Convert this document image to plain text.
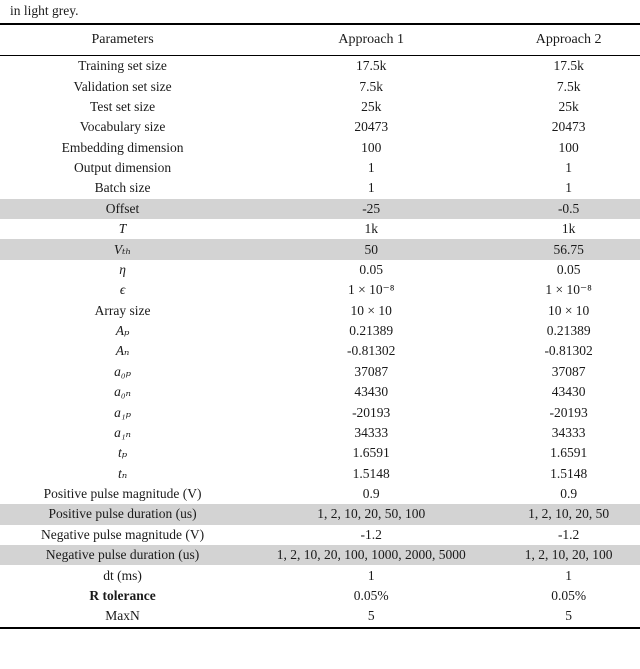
in light grey.
Parameters	Approach 1	Approach 2
Training set size	17.5k	17.5k
Validation set size	7.5k	7.5k
Test set size	25k	25k
Vocabulary size	20473	20473
Embedding dimension	100	100
Output dimension	1	1
Batch size	1	1
Offset	-25	-0.5
T	1k	1k
Vₜₕ	50	56.75
η	0.05	0.05
ϵ	1 × 10⁻⁸	1 × 10⁻⁸
Array size	10 × 10	10 × 10
Aₚ	0.21389	0.21389
Aₙ	-0.81302	-0.81302
a₀ₚ	37087	37087
a₀ₙ	43430	43430
a₁ₚ	-20193	-20193
a₁ₙ	34333	34333
tₚ	1.6591	1.6591
tₙ	1.5148	1.5148
Positive pulse magnitude (V)	0.9	0.9
Positive pulse duration (us)	1, 2, 10, 20, 50, 100	1, 2, 10, 20, 50
Negative pulse magnitude (V)	-1.2	-1.2
Negative pulse duration (us)	1, 2, 10, 20, 100, 1000, 2000, 5000	1, 2, 10, 20, 100
dt (ms)	1	1
R tolerance	0.05%	0.05%
MaxN	5	5
